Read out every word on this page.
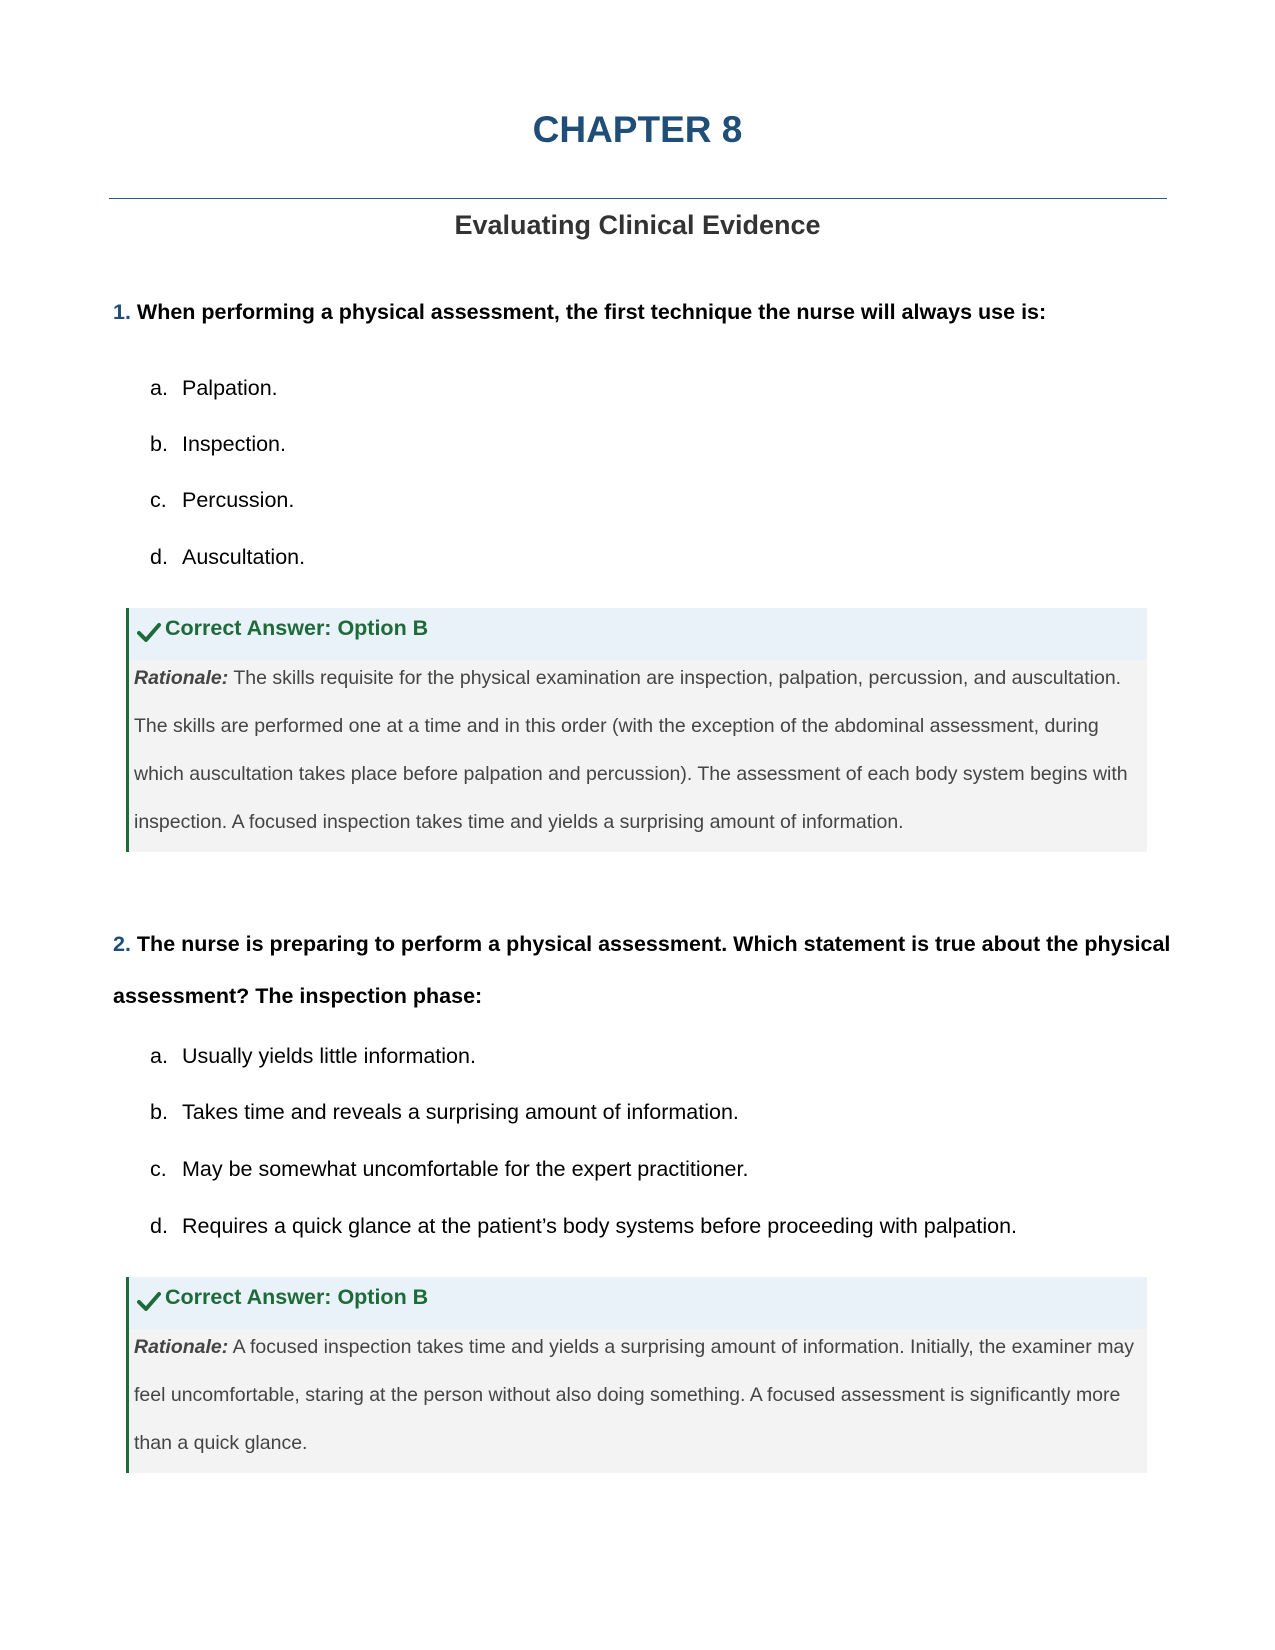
CHAPTER 8
Evaluating Clinical Evidence
1. When performing a physical assessment, the first technique the nurse will always use is:
a. Palpation.
b. Inspection.
c. Percussion.
d. Auscultation.
Correct Answer: Option B
Rationale: The skills requisite for the physical examination are inspection, palpation, percussion, and auscultation. The skills are performed one at a time and in this order (with the exception of the abdominal assessment, during which auscultation takes place before palpation and percussion). The assessment of each body system begins with inspection. A focused inspection takes time and yields a surprising amount of information.
2. The nurse is preparing to perform a physical assessment. Which statement is true about the physical assessment? The inspection phase:
a. Usually yields little information.
b. Takes time and reveals a surprising amount of information.
c. May be somewhat uncomfortable for the expert practitioner.
d. Requires a quick glance at the patient’s body systems before proceeding with palpation.
Correct Answer: Option B
Rationale: A focused inspection takes time and yields a surprising amount of information. Initially, the examiner may feel uncomfortable, staring at the person without also doing something. A focused assessment is significantly more than a quick glance.
